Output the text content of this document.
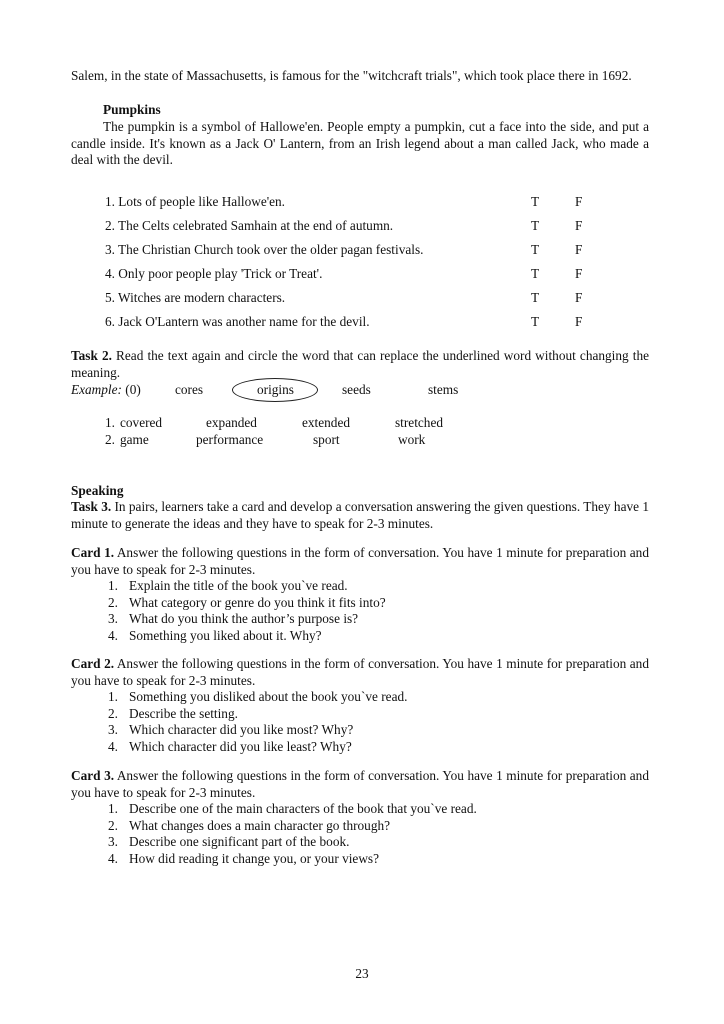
Salem, in the state of Massachusetts, is famous for the "witchcraft trials", which took place there in 1692.
Pumpkins
The pumpkin is a symbol of Hallowe'en. People empty a pumpkin, cut a face into the side, and put a candle inside. It's known as a Jack O' Lantern, from an Irish legend about a man called Jack, who made a deal with the devil.
1. Lots of people like Hallowe'en.	T	F
2. The Celts celebrated Samhain at the end of autumn.	T	F
3. The Christian Church took over the older pagan festivals.	T	F
4. Only poor people play 'Trick or Treat'.	T	F
5. Witches are modern characters.	T	F
6. Jack O'Lantern was another name for the devil.	T	F
Task 2. Read the text again and circle the word that can replace the underlined word without changing the meaning.
Example: (0)	cores	origins	seeds	stems
1. covered	expanded	extended	stretched
2. game	performance	sport	work
Speaking
Task 3. In pairs, learners take a card and develop a conversation answering the given questions. They have 1 minute to generate the ideas and they have to speak for 2-3 minutes.
Card 1. Answer the following questions in the form of conversation. You have 1 minute for preparation and you have to speak for 2-3 minutes.
1. Explain the title of the book you`ve read.
2. What category or genre do you think it fits into?
3. What do you think the author’s purpose is?
4. Something you liked about it. Why?
Card 2. Answer the following questions in the form of conversation. You have 1 minute for preparation and you have to speak for 2-3 minutes.
1. Something you disliked about the book you`ve read.
2. Describe the setting.
3. Which character did you like most? Why?
4. Which character did you like least? Why?
Card 3. Answer the following questions in the form of conversation. You have 1 minute for preparation and you have to speak for 2-3 minutes.
1. Describe one of the main characters of the book that you`ve read.
2. What changes does a main character go through?
3. Describe one significant part of the book.
4. How did reading it change you, or your views?
23
